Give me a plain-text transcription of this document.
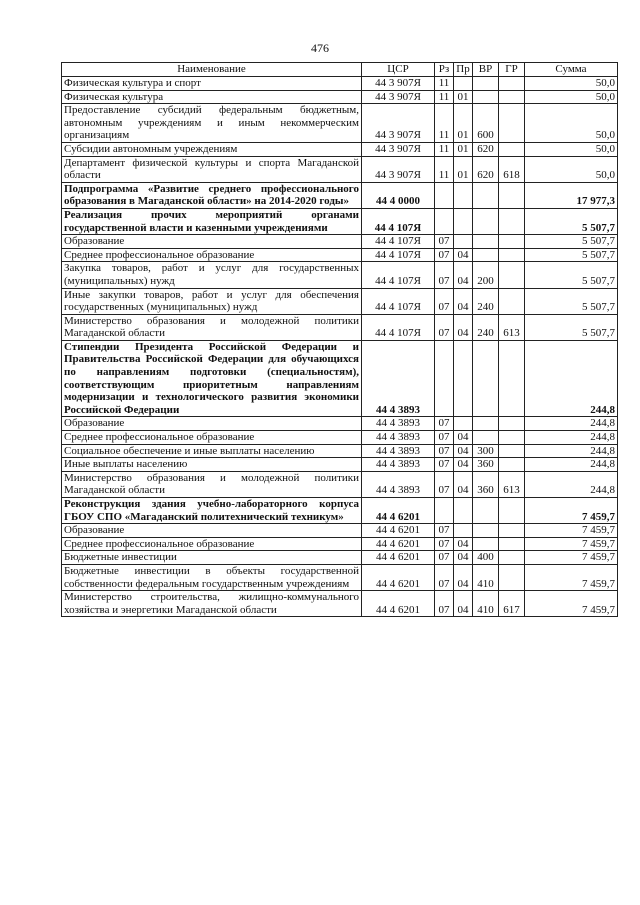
476
Наименование	ЦСР	Рз	Пр	ВР	ГР	Сумма
Физическая культура и спорт	44 3 907Я	11				50,0
Физическая культура	44 3 907Я	11	01			50,0
Предоставление субсидий федеральным бюджетным, автономным учреждениям и иным некоммерческим организациям	44 3 907Я	11	01	600		50,0
Субсидии автономным учреждениям	44 3 907Я	11	01	620		50,0
Департамент физической культуры и спорта Магаданской области	44 3 907Я	11	01	620	618	50,0
Подпрограмма «Развитие среднего профессионального образования в Магаданской области» на 2014-2020 годы»	44 4 0000					17 977,3
Реализация прочих мероприятий органами государственной власти и казенными учреждениями	44 4 107Я					5 507,7
Образование	44 4 107Я	07				5 507,7
Среднее профессиональное образование	44 4 107Я	07	04			5 507,7
Закупка товаров, работ и услуг для государственных (муниципальных) нужд	44 4 107Я	07	04	200		5 507,7
Иные закупки товаров, работ и услуг для обеспечения государственных (муниципальных) нужд	44 4 107Я	07	04	240		5 507,7
Министерство образования и молодежной политики Магаданской области	44 4 107Я	07	04	240	613	5 507,7
Стипендии Президента Российской Федерации и Правительства Российской Федерации для обучающихся по направлениям подготовки (специальностям), соответствующим приоритетным направлениям модернизации и технологического развития экономики Российской Федерации	44 4 3893					244,8
Образование	44 4 3893	07				244,8
Среднее профессиональное образование	44 4 3893	07	04			244,8
Социальное обеспечение и иные выплаты населению	44 4 3893	07	04	300		244,8
Иные выплаты населению	44 4 3893	07	04	360		244,8
Министерство образования и молодежной политики Магаданской области	44 4 3893	07	04	360	613	244,8
Реконструкция здания учебно-лабораторного корпуса ГБОУ СПО «Магаданский политехнический техникум»	44 4 6201					7 459,7
Образование	44 4 6201	07				7 459,7
Среднее профессиональное образование	44 4 6201	07	04			7 459,7
Бюджетные инвестиции	44 4 6201	07	04	400		7 459,7
Бюджетные инвестиции в объекты государственной собственности федеральным государственным учреждениям	44 4 6201	07	04	410		7 459,7
Министерство строительства, жилищно-коммунального хозяйства и энергетики Магаданской области	44 4 6201	07	04	410	617	7 459,7
